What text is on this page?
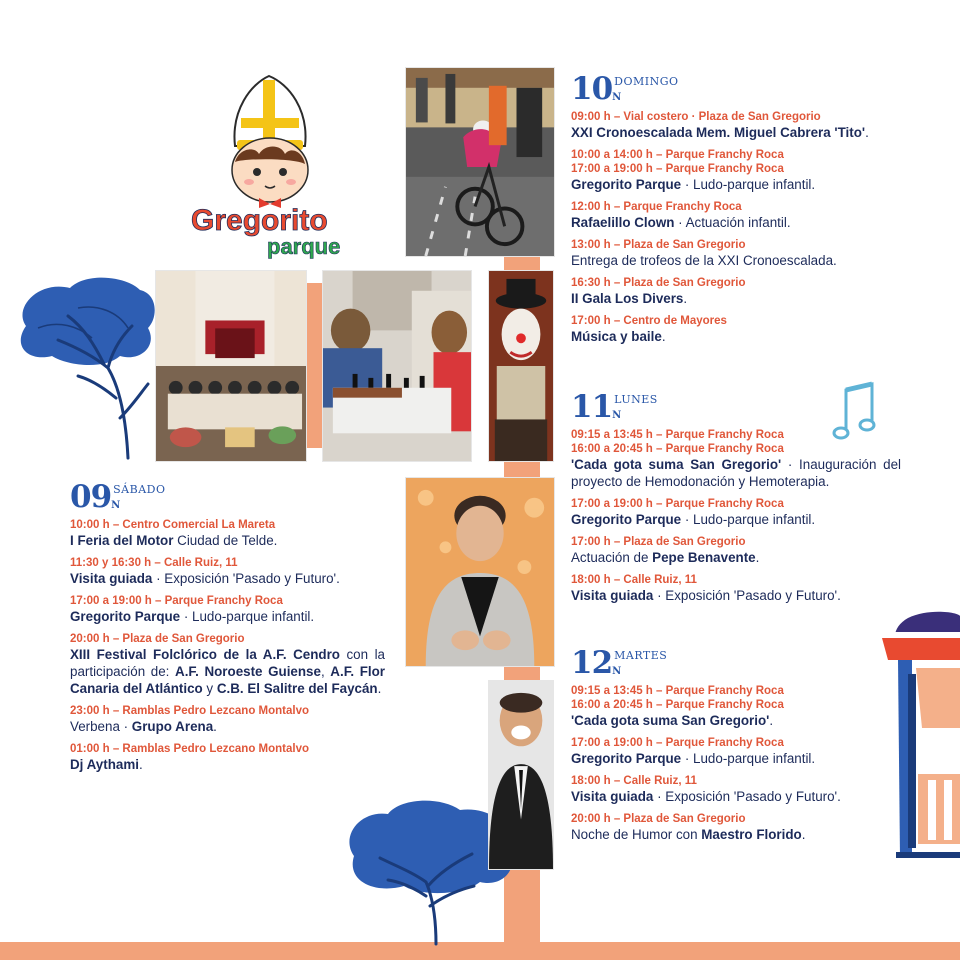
Gregorito
parque
09 SÁBADO
N
10:00 h – Centro Comercial La Mareta
I Feria del Motor Ciudad de Telde.
11:30 y 16:30 h – Calle Ruiz, 11
Visita guiada · Exposición 'Pasado y Futuro'.
17:00 a 19:00 h – Parque Franchy Roca
Gregorito Parque · Ludo-parque infantil.
20:00 h – Plaza de San Gregorio
XIII Festival Folclórico de la A.F. Cendro con la participación de: A.F. Noroeste Guiense, A.F. Flor Canaria del Atlántico y C.B. El Salitre del Faycán.
23:00 h – Ramblas Pedro Lezcano Montalvo
Verbena · Grupo Arena.
01:00 h – Ramblas Pedro Lezcano Montalvo
Dj Aythami.
10 DOMINGO
N
09:00 h – Vial costero · Plaza de San Gregorio
XXI Cronoescalada Mem. Miguel Cabrera 'Tito'.
10:00 a 14:00 h – Parque Franchy Roca
17:00 a 19:00 h – Parque Franchy Roca
Gregorito Parque · Ludo-parque infantil.
12:00 h – Parque Franchy Roca
Rafaelillo Clown · Actuación infantil.
13:00 h – Plaza de San Gregorio
Entrega de trofeos de la XXI Cronoescalada.
16:30 h – Plaza de San Gregorio
II Gala Los Divers.
17:00 h – Centro de Mayores
Música y baile.
11 LUNES
N
09:15 a 13:45 h – Parque Franchy Roca
16:00 a 20:45 h – Parque Franchy Roca
'Cada gota suma San Gregorio' · Inauguración del proyecto de Hemodonación y Hemoterapia.
17:00 a 19:00 h – Parque Franchy Roca
Gregorito Parque · Ludo-parque infantil.
17:00 h – Plaza de San Gregorio
Actuación de Pepe Benavente.
18:00 h – Calle Ruiz, 11
Visita guiada · Exposición 'Pasado y Futuro'.
12 MARTES
N
09:15 a 13:45 h – Parque Franchy Roca
16:00 a 20:45 h – Parque Franchy Roca
'Cada gota suma San Gregorio'.
17:00 a 19:00 h – Parque Franchy Roca
Gregorito Parque · Ludo-parque infantil.
18:00 h – Calle Ruiz, 11
Visita guiada · Exposición 'Pasado y Futuro'.
20:00 h – Plaza de San Gregorio
Noche de Humor con Maestro Florido.
